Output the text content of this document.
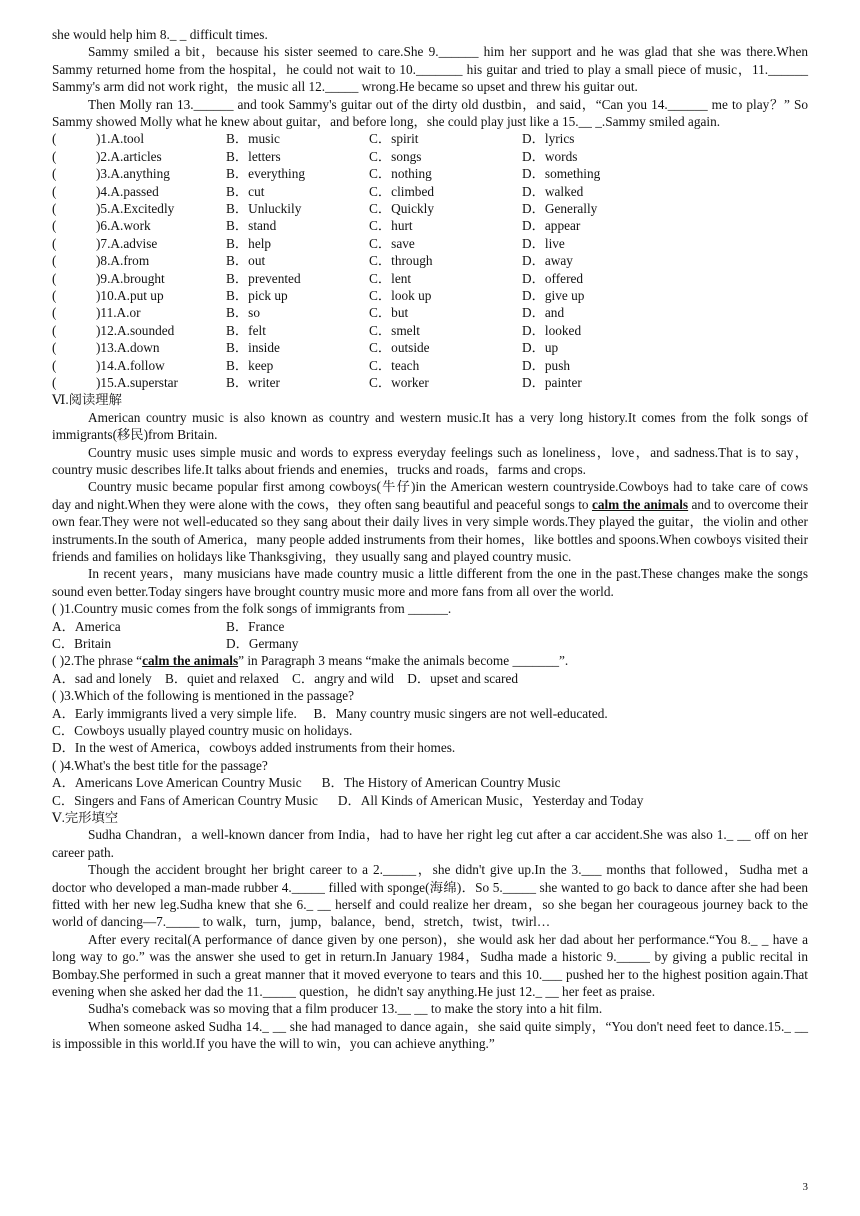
she would help him 8._ _ difficult times.

Sammy smiled a bit，because his sister seemed to care.She 9.______ him her support and he was glad that she was there.When Sammy returned home from the hospital，he could not wait to 10._______ his guitar and tried to play a small piece of music，11.______ Sammy's arm did not work right，the music all 12._____ wrong.He became so upset and threw his guitar out.

Then Molly ran 13.______ and took Sammy's guitar out of the dirty old dustbin，and said，“Can you 14.______ me to play？” So Sammy showed Molly what he knew about guitar，and before long，she could play just like a 15.__ _.Sammy smiled again.

(	)1.A.tool	B．music	C．spirit	D．lyrics
(	)2.A.articles	B．letters	C．songs	D．words
(	)3.A.anything	B．everything	C．nothing	D．something
(	)4.A.passed	B．cut	C．climbed	D．walked
(	)5.A.Excitedly	B．Unluckily	C．Quickly	D．Generally
(	)6.A.work	B．stand	C．hurt	D．appear
(	)7.A.advise	B．help	C．save	D．live
(	)8.A.from	B．out	C．through	D．away
(	)9.A.brought	B．prevented	C．lent	D．offered
(	)10.A.put up	B．pick up	C．look up	D．give up
(	)11.A.or	B．so	C．but	D．and
(	)12.A.sounded	B．felt	C．smelt	D．looked
(	)13.A.down	B．inside	C．outside	D．up
(	)14.A.follow	B．keep	C．teach	D．push
(	)15.A.superstar	B．writer	C．worker	D．painter

Ⅵ.阅读理解

American country music is also known as country and western music.It has a very long history.It comes from the folk songs of immigrants(移民)from Britain.

Country music uses simple music and words to express everyday feelings such as loneliness，love，and sadness.That is to say，country music describes life.It talks about friends and enemies，trucks and roads，farms and crops.

Country music became popular first among cowboys(牛仔)in the American western countryside.Cowboys had to take care of cows day and night.When they were alone with the cows，they often sang beautiful and peaceful songs to calm the animals and to overcome their own fear.They were not well-educated so they sang about their daily lives in very simple words.They played the guitar，the violin and other instruments.In the south of America，many people added instruments from their homes，like bottles and spoons.When cowboys visited their friends and families on holidays like Thanksgiving，they usually sang and played country music.

In recent years，many musicians have made country music a little different from the one in the past.These changes make the songs sound even better.Today singers have brought country music more and more fans from all over the world.

( )1.Country music comes from the folk songs of immigrants from ______.

A．America	B．France
C．Britain	D．Germany

( )2.The phrase “calm the animals” in Paragraph 3 means “make the animals become _______”.

A．sad and lonely    B．quiet and relaxed    C．angry and wild    D．upset and scared

( )3.Which of the following is mentioned in the passage?

A．Early immigrants lived a very simple life. B．Many country music singers are not well-educated.

C．Cowboys usually played country music on holidays.

D．In the west of America，cowboys added instruments from their homes.

( )4.What's the best title for the passage?

A．Americans Love American Country Music B．The History of American Country Music

C．Singers and Fans of American Country Music D．All Kinds of American Music，Yesterday and Today

Ⅴ.完形填空

Sudha Chandran，a well-known dancer from India，had to have her right leg cut after a car accident.She was also 1._ __ off on her career path.

Though the accident brought her bright career to a 2._____，she didn't give up.In the 3.___ months that followed，Sudha met a doctor who developed a man-made rubber 4._____ filled with sponge(海绵)．So 5._____ she wanted to go back to dance after she had been fitted with her new leg.Sudha knew that she 6._ __ herself and could realize her dream，so she began her courageous journey back to the world of dancing—7._____ to walk，turn，jump，balance，bend，stretch，twist，twirl…

After every recital(A performance of dance given by one person)，she would ask her dad about her performance.“You 8._ _ have a long way to go.” was the answer she used to get in return.In January 1984，Sudha made a historic 9._____ by giving a public recital in Bombay.She performed in such a great manner that it moved everyone to tears and this 10.___ pushed her to the highest position again.That evening when she asked her dad the 11._____ question，he didn't say anything.He just 12._ __ her feet as praise.

Sudha's comeback was so moving that a film producer 13.__ __ to make the story into a hit film.

When someone asked Sudha 14._ __ she had managed to dance again，she said quite simply，“You don't need feet to dance.15._ __ is impossible in this world.If you have the will to win，you can achieve anything.”

3
